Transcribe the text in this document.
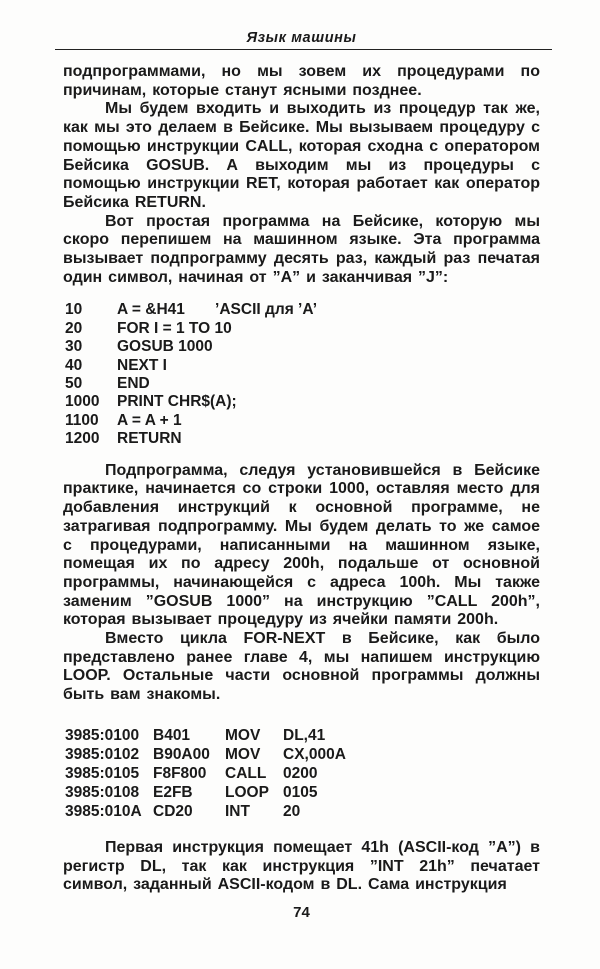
Язык машины

подпрограммами, но мы зовем их процедурами по причинам, которые станут ясными позднее.

Мы будем входить и выходить из процедур так же, как мы это делаем в Бейсике. Мы вызываем процедуру с помощью инструкции CALL, которая сходна с оператором Бейсика GOSUB. А выходим мы из процедуры с помощью инструкции RET, которая работает как оператор Бейсика RETURN.

Вот простая программа на Бейсике, которую мы скоро перепишем на машинном языке. Эта программа вызывает подпрограмму десять раз, каждый раз печатая один символ, начиная от ”А” и заканчивая ”J”:

10	A = &H41       ’ASCII для ’A’
20	FOR I = 1 TO 10
30	GOSUB 1000
40	NEXT I
50	END
1000	PRINT CHR$(A);
1100	A = A + 1
1200	RETURN

Подпрограмма, следуя установившейся в Бейсике практике, начинается со строки 1000, оставляя место для добавления инструкций к основной программе, не затрагивая подпрограмму. Мы будем делать то же самое с процедурами, написанными на машинном языке, помещая их по адресу 200h, подальше от основной программы, начинающейся с адреса 100h. Мы также заменим ”GOSUB 1000” на инструкцию ”CALL 200h”, которая вызывает процедуру из ячейки памяти 200h.

Вместо цикла FOR-NEXT в Бейсике, как было представлено ранее главе 4, мы напишем инструкцию LOOP. Остальные части основной программы должны быть вам знакомы.

3985:0100 B401	MOV	DL,41
3985:0102 B90A00 MOV	CX,000A
3985:0105 F8F800	CALL	0200
3985:0108 E2FB	LOOP 0105
3985:010A CD20	INT	20

Первая инструкция помещает 41h (ASCII-код ”А”) в регистр DL, так как инструкция ”INT 21h” печатает символ, заданный ASCII-кодом в DL. Сама инструкция

74
